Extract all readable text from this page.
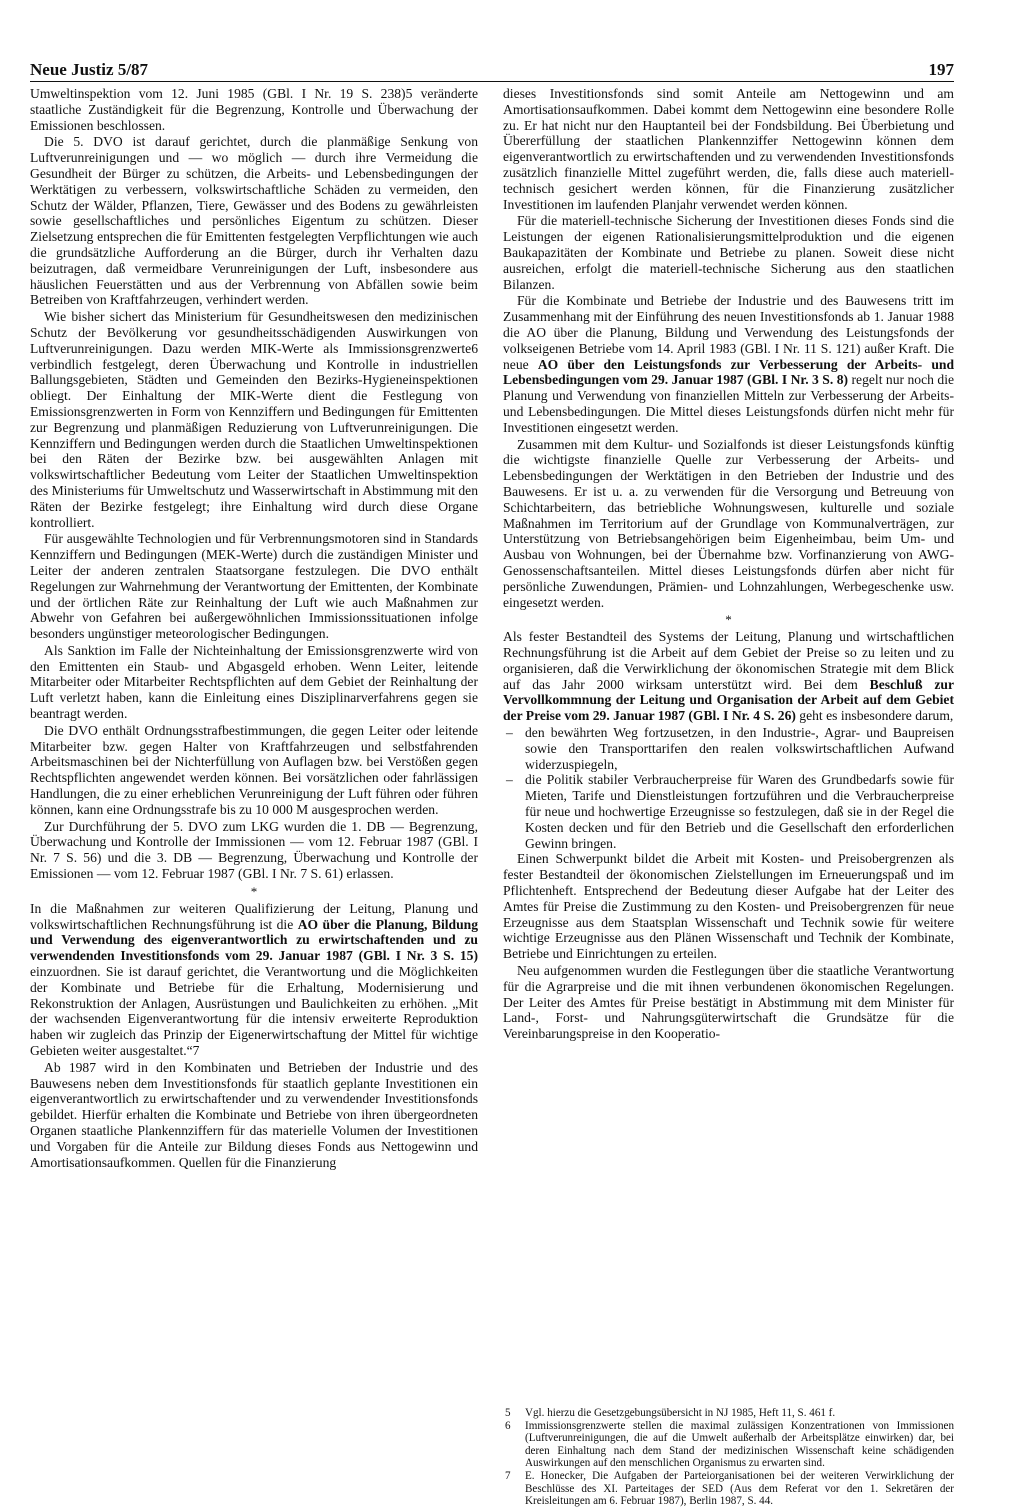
Neue Justiz 5/87	197

Umweltinspektion vom 12. Juni 1985 (GBl. I Nr. 19 S. 238)5 veränderte staatliche Zuständigkeit für die Begrenzung, Kontrolle und Überwachung der Emissionen beschlossen.

Die 5. DVO ist darauf gerichtet, durch die planmäßige Senkung von Luftverunreinigungen und — wo möglich — durch ihre Vermeidung die Gesundheit der Bürger zu schützen, die Arbeits- und Lebensbedingungen der Werktätigen zu verbessern, volkswirtschaftliche Schäden zu vermeiden, den Schutz der Wälder, Pflanzen, Tiere, Gewässer und des Bodens zu gewährleisten sowie gesellschaftliches und persönliches Eigentum zu schützen. Dieser Zielsetzung entsprechen die für Emittenten festgelegten Verpflichtungen wie auch die grundsätzliche Aufforderung an die Bürger, durch ihr Verhalten dazu beizutragen, daß vermeidbare Verunreinigungen der Luft, insbesondere aus häuslichen Feuerstätten und aus der Verbrennung von Abfällen sowie beim Betreiben von Kraftfahrzeugen, verhindert werden.

Wie bisher sichert das Ministerium für Gesundheitswesen den medizinischen Schutz der Bevölkerung vor gesundheitsschädigenden Auswirkungen von Luftverunreinigungen. Dazu werden MIK-Werte als Immissionsgrenzwerte6 verbindlich festgelegt, deren Überwachung und Kontrolle in industriellen Ballungsgebieten, Städten und Gemeinden den Bezirks-Hygieneinspektionen obliegt. Der Einhaltung der MIK-Werte dient die Festlegung von Emissionsgrenzwerten in Form von Kennziffern und Bedingungen für Emittenten zur Begrenzung und planmäßigen Reduzierung von Luftverunreinigungen. Die Kennziffern und Bedingungen werden durch die Staatlichen Umweltinspektionen bei den Räten der Bezirke bzw. bei ausgewählten Anlagen mit volkswirtschaftlicher Bedeutung vom Leiter der Staatlichen Umweltinspektion des Ministeriums für Umweltschutz und Wasserwirtschaft in Abstimmung mit den Räten der Bezirke festgelegt; ihre Einhaltung wird durch diese Organe kontrolliert.

Für ausgewählte Technologien und für Verbrennungsmotoren sind in Standards Kennziffern und Bedingungen (MEK-Werte) durch die zuständigen Minister und Leiter der anderen zentralen Staatsorgane festzulegen. Die DVO enthält Regelungen zur Wahrnehmung der Verantwortung der Emittenten, der Kombinate und der örtlichen Räte zur Reinhaltung der Luft wie auch Maßnahmen zur Abwehr von Gefahren bei außergewöhnlichen Immissionssituationen infolge besonders ungünstiger meteorologischer Bedingungen.

Als Sanktion im Falle der Nichteinhaltung der Emissionsgrenzwerte wird von den Emittenten ein Staub- und Abgasgeld erhoben. Wenn Leiter, leitende Mitarbeiter oder Mitarbeiter Rechtspflichten auf dem Gebiet der Reinhaltung der Luft verletzt haben, kann die Einleitung eines Disziplinarverfahrens gegen sie beantragt werden.

Die DVO enthält Ordnungsstrafbestimmungen, die gegen Leiter oder leitende Mitarbeiter bzw. gegen Halter von Kraftfahrzeugen und selbstfahrenden Arbeitsmaschinen bei der Nichterfüllung von Auflagen bzw. bei Verstößen gegen Rechtspflichten angewendet werden können. Bei vorsätzlichen oder fahrlässigen Handlungen, die zu einer erheblichen Verunreinigung der Luft führen oder führen können, kann eine Ordnungsstrafe bis zu 10 000 M ausgesprochen werden.

Zur Durchführung der 5. DVO zum LKG wurden die 1. DB — Begrenzung, Überwachung und Kontrolle der Immissionen — vom 12. Februar 1987 (GBl. I Nr. 7 S. 56) und die 3. DB — Begrenzung, Überwachung und Kontrolle der Emissionen — vom 12. Februar 1987 (GBl. I Nr. 7 S. 61) erlassen.

*

In die Maßnahmen zur weiteren Qualifizierung der Leitung, Planung und volkswirtschaftlichen Rechnungsführung ist die AO über die Planung, Bildung und Verwendung des eigenverantwortlich zu erwirtschaftenden und zu verwendenden Investitionsfonds vom 29. Januar 1987 (GBl. I Nr. 3 S. 15) einzuordnen. Sie ist darauf gerichtet, die Verantwortung und die Möglichkeiten der Kombinate und Betriebe für die Erhaltung, Modernisierung und Rekonstruktion der Anlagen, Ausrüstungen und Baulichkeiten zu erhöhen. „Mit der wachsenden Eigenverantwortung für die intensiv erweiterte Reproduktion haben wir zugleich das Prinzip der Eigenerwirtschaftung der Mittel für wichtige Gebieten weiter ausgestaltet.“7

Ab 1987 wird in den Kombinaten und Betrieben der Industrie und des Bauwesens neben dem Investitionsfonds für staatlich geplante Investitionen ein eigenverantwortlich zu erwirtschaftender und zu verwendender Investitionsfonds gebildet. Hierfür erhalten die Kombinate und Betriebe von ihren übergeordneten Organen staatliche Plankennziffern für das materielle Volumen der Investitionen und Vorgaben für die Anteile zur Bildung dieses Fonds aus Nettogewinn und Amortisationsaufkommen. Quellen für die Finanzierung

dieses Investitionsfonds sind somit Anteile am Nettogewinn und am Amortisationsaufkommen. Dabei kommt dem Nettogewinn eine besondere Rolle zu. Er hat nicht nur den Hauptanteil bei der Fondsbildung. Bei Überbietung und Übererfüllung der staatlichen Plankennziffer Nettogewinn können dem eigenverantwortlich zu erwirtschaftenden und zu verwendenden Investitionsfonds zusätzlich finanzielle Mittel zugeführt werden, die, falls diese auch materiell-technisch gesichert werden können, für die Finanzierung zusätzlicher Investitionen im laufenden Planjahr verwendet werden können.

Für die materiell-technische Sicherung der Investitionen dieses Fonds sind die Leistungen der eigenen Rationalisierungsmittelproduktion und die eigenen Baukapazitäten der Kombinate und Betriebe zu planen. Soweit diese nicht ausreichen, erfolgt die materiell-technische Sicherung aus den staatlichen Bilanzen.

Für die Kombinate und Betriebe der Industrie und des Bauwesens tritt im Zusammenhang mit der Einführung des neuen Investitionsfonds ab 1. Januar 1988 die AO über die Planung, Bildung und Verwendung des Leistungsfonds der volkseigenen Betriebe vom 14. April 1983 (GBl. I Nr. 11 S. 121) außer Kraft. Die neue AO über den Leistungsfonds zur Verbesserung der Arbeits- und Lebensbedingungen vom 29. Januar 1987 (GBl. I Nr. 3 S. 8) regelt nur noch die Planung und Verwendung von finanziellen Mitteln zur Verbesserung der Arbeits- und Lebensbedingungen. Die Mittel dieses Leistungsfonds dürfen nicht mehr für Investitionen eingesetzt werden.

Zusammen mit dem Kultur- und Sozialfonds ist dieser Leistungsfonds künftig die wichtigste finanzielle Quelle zur Verbesserung der Arbeits- und Lebensbedingungen der Werktätigen in den Betrieben der Industrie und des Bauwesens. Er ist u. a. zu verwenden für die Versorgung und Betreuung von Schichtarbeitern, das betriebliche Wohnungswesen, kulturelle und soziale Maßnahmen im Territorium auf der Grundlage von Kommunalverträgen, zur Unterstützung von Betriebsangehörigen beim Eigenheimbau, beim Um- und Ausbau von Wohnungen, bei der Übernahme bzw. Vorfinanzierung von AWG-Genossenschaftsanteilen. Mittel dieses Leistungsfonds dürfen aber nicht für persönliche Zuwendungen, Prämien- und Lohnzahlungen, Werbegeschenke usw. eingesetzt werden.

*

Als fester Bestandteil des Systems der Leitung, Planung und wirtschaftlichen Rechnungsführung ist die Arbeit auf dem Gebiet der Preise so zu leiten und zu organisieren, daß die Verwirklichung der ökonomischen Strategie mit dem Blick auf das Jahr 2000 wirksam unterstützt wird. Bei dem Beschluß zur Vervollkommnung der Leitung und Organisation der Arbeit auf dem Gebiet der Preise vom 29. Januar 1987 (GBl. I Nr. 4 S. 26) geht es insbesondere darum,

– den bewährten Weg fortzusetzen, in den Industrie-, Agrar- und Baupreisen sowie den Transporttarifen den realen volkswirtschaftlichen Aufwand widerzuspiegeln,
– die Politik stabiler Verbraucherpreise für Waren des Grundbedarfs sowie für Mieten, Tarife und Dienstleistungen fortzuführen und die Verbraucherpreise für neue und hochwertige Erzeugnisse so festzulegen, daß sie in der Regel die Kosten decken und für den Betrieb und die Gesellschaft den erforderlichen Gewinn bringen.

Einen Schwerpunkt bildet die Arbeit mit Kosten- und Preisobergrenzen als fester Bestandteil der ökonomischen Zielstellungen im Erneuerungspaß und im Pflichtenheft. Entsprechend der Bedeutung dieser Aufgabe hat der Leiter des Amtes für Preise die Zustimmung zu den Kosten- und Preisobergrenzen für neue Erzeugnisse aus dem Staatsplan Wissenschaft und Technik sowie für weitere wichtige Erzeugnisse aus den Plänen Wissenschaft und Technik der Kombinate, Betriebe und Einrichtungen zu erteilen.

Neu aufgenommen wurden die Festlegungen über die staatliche Verantwortung für die Agrarpreise und die mit ihnen verbundenen ökonomischen Regelungen. Der Leiter des Amtes für Preise bestätigt in Abstimmung mit dem Minister für Land-, Forst- und Nahrungsgüterwirtschaft die Grundsätze für die Vereinbarungspreise in den Kooperatio-

5 Vgl. hierzu die Gesetzgebungsübersicht in NJ 1985, Heft 11, S. 461 f.
6 Immissionsgrenzwerte stellen die maximal zulässigen Konzentrationen von Immissionen (Luftverunreinigungen, die auf die Umwelt außerhalb der Arbeitsplätze einwirken) dar, bei deren Einhaltung nach dem Stand der medizinischen Wissenschaft keine schädigenden Auswirkungen auf den menschlichen Organismus zu erwarten sind.
7 E. Honecker, Die Aufgaben der Parteiorganisationen bei der weiteren Verwirklichung der Beschlüsse des XI. Parteitages der SED (Aus dem Referat vor den 1. Sekretären der Kreisleitungen am 6. Februar 1987), Berlin 1987, S. 44.
